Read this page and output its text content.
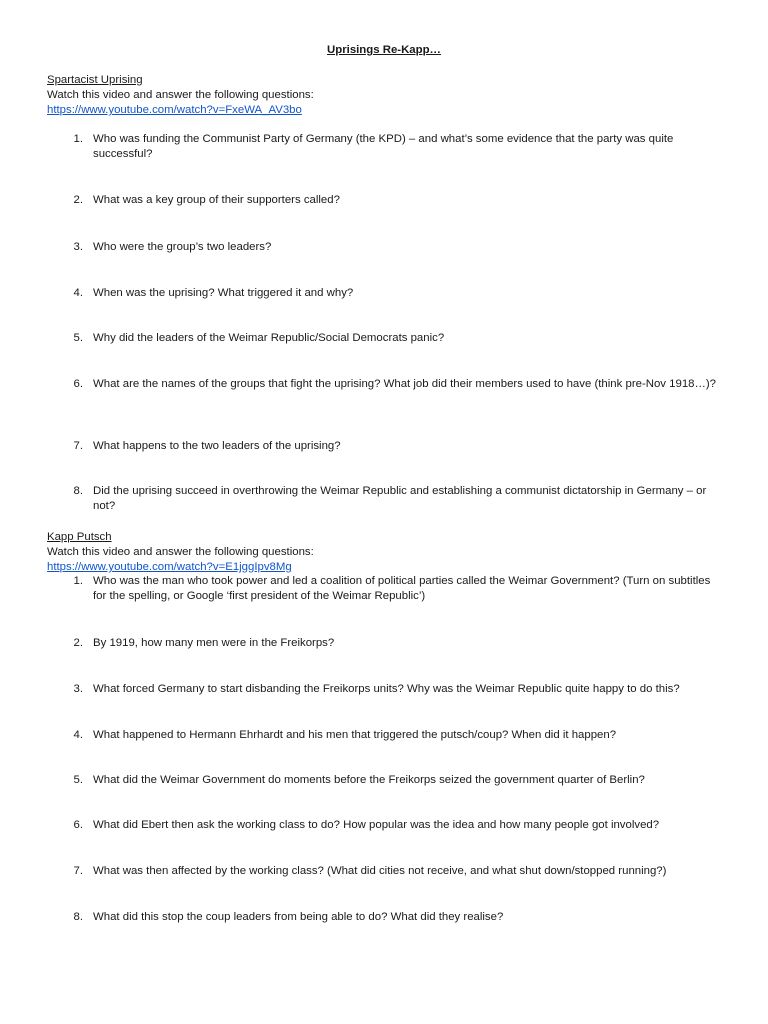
Uprisings Re-Kapp…
Spartacist Uprising
Watch this video and answer the following questions:
https://www.youtube.com/watch?v=FxeWA_AV3bo
1. Who was funding the Communist Party of Germany (the KPD) – and what’s some evidence that the party was quite successful?
2. What was a key group of their supporters called?
3. Who were the group’s two leaders?
4. When was the uprising? What triggered it and why?
5. Why did the leaders of the Weimar Republic/Social Democrats panic?
6. What are the names of the groups that fight the uprising? What job did their members used to have (think pre-Nov 1918…)?
7. What happens to the two leaders of the uprising?
8. Did the uprising succeed in overthrowing the Weimar Republic and establishing a communist dictatorship in Germany – or not?
Kapp Putsch
Watch this video and answer the following questions:
https://www.youtube.com/watch?v=E1jggIpv8Mg
1. Who was the man who took power and led a coalition of political parties called the Weimar Government? (Turn on subtitles for the spelling, or Google ‘first president of the Weimar Republic’)
2. By 1919, how many men were in the Freikorps?
3. What forced Germany to start disbanding the Freikorps units? Why was the Weimar Republic quite happy to do this?
4. What happened to Hermann Ehrhardt and his men that triggered the putsch/coup? When did it happen?
5. What did the Weimar Government do moments before the Freikorps seized the government quarter of Berlin?
6. What did Ebert then ask the working class to do? How popular was the idea and how many people got involved?
7. What was then affected by the working class? (What did cities not receive, and what shut down/stopped running?)
8. What did this stop the coup leaders from being able to do? What did they realise?
